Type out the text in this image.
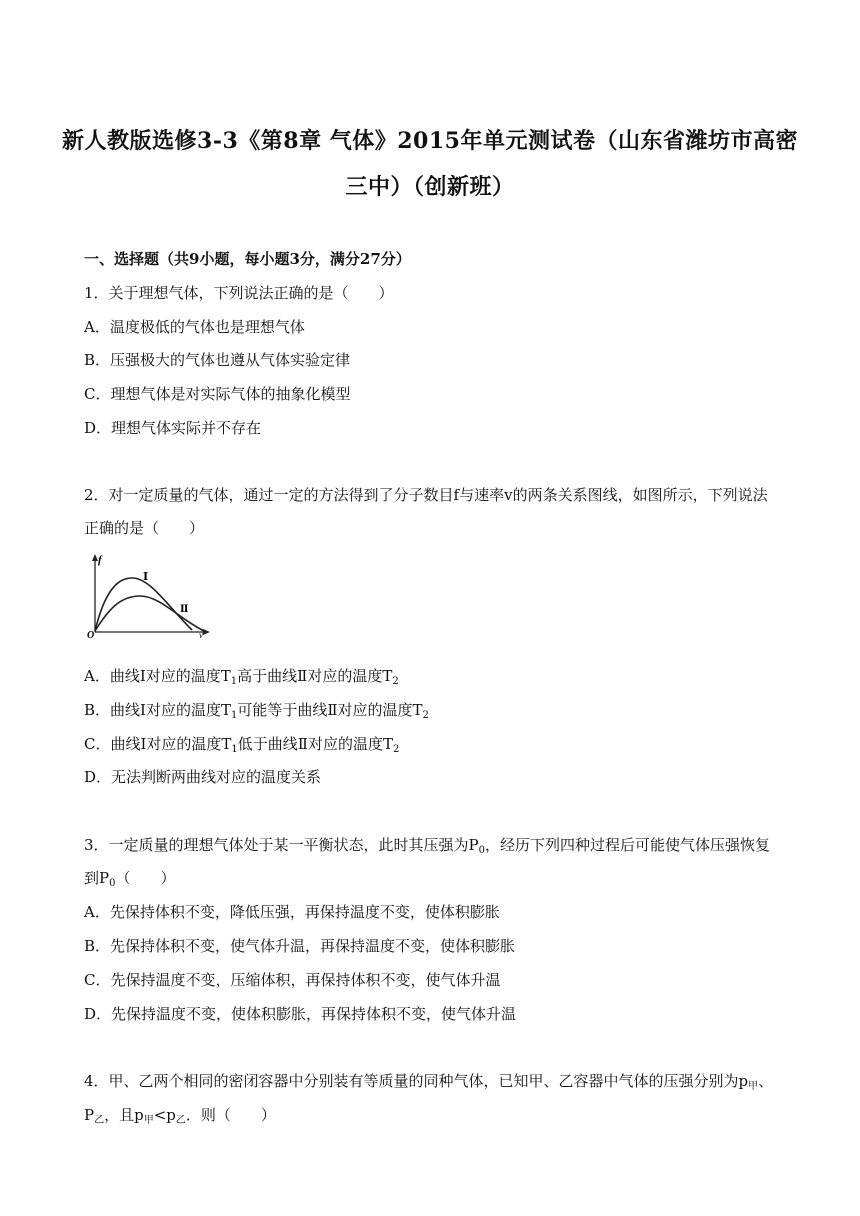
新人教版选修3-3《第8章 气体》2015年单元测试卷（山东省潍坊市高密
三中）（创新班）
一、选择题（共9小题，每小题3分，满分27分）
1．关于理想气体，下列说法正确的是（　　）
A．温度极低的气体也是理想气体
B．压强极大的气体也遵从气体实验定律
C．理想气体是对实际气体的抽象化模型
D．理想气体实际并不存在
2．对一定质量的气体，通过一定的方法得到了分子数目f与速率v的两条关系图线，如图所示，下列说法
正确的是（　　）
f
O	v
Ⅰ
Ⅱ
A．曲线Ⅰ对应的温度$T_1$高于曲线Ⅱ对应的温度$T_2$
B．曲线Ⅰ对应的温度$T_1$可能等于曲线Ⅱ对应的温度$T_2$
C．曲线Ⅰ对应的温度$T_1$低于曲线Ⅱ对应的温度$T_2$
D．无法判断两曲线对应的温度关系
3．一定质量的理想气体处于某一平衡状态，此时其压强为$P_0$，经历下列四种过程后可能使气体压强恢复
到$P_0$（　　）
A．先保持体积不变，降低压强，再保持温度不变，使体积膨胀
B．先保持体积不变，使气体升温，再保持温度不变，使体积膨胀
C．先保持温度不变，压缩体积，再保持体积不变，使气体升温
D．先保持温度不变，使体积膨胀，再保持体积不变，使气体升温
4．甲、乙两个相同的密闭容器中分别装有等质量的同种气体，已知甲、乙容器中气体的压强分别为$p_甲$、
$P_乙$，且$p_甲<p_乙$．则（　　）
